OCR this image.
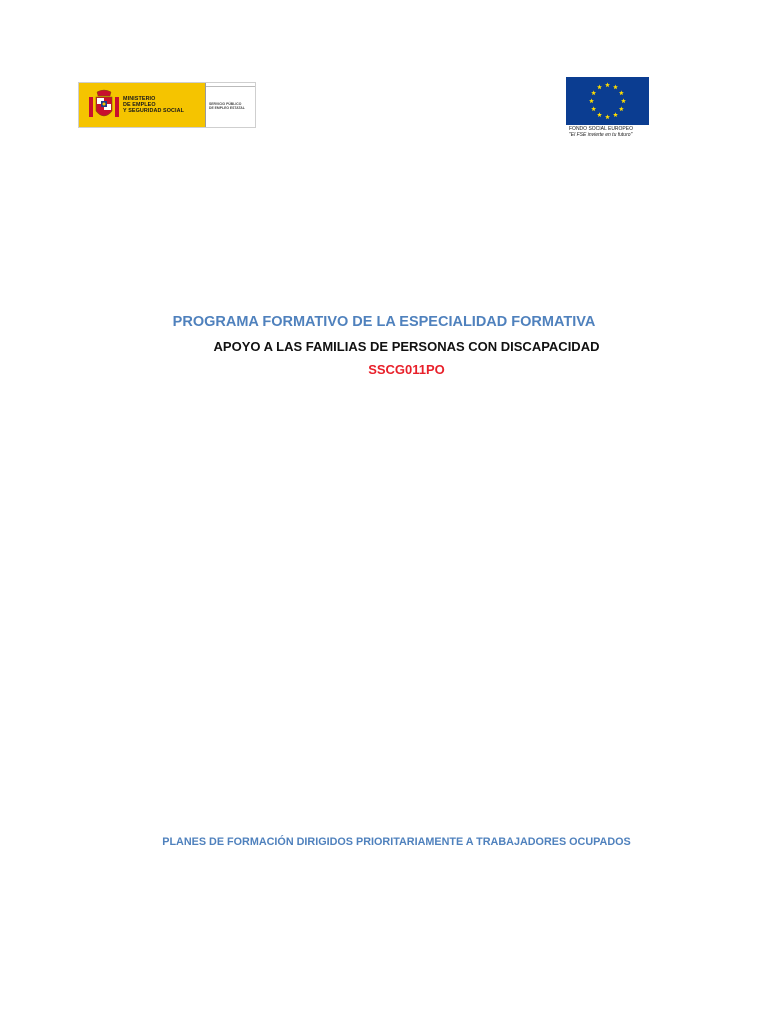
MINISTERIO
DE EMPLEO
Y SEGURIDAD SOCIAL
SERVICIO PÚBLICO
DE EMPLEO ESTATAL
FONDO SOCIAL EUROPEO
"El FSE invierte en tu futuro"
PROGRAMA FORMATIVO DE LA ESPECIALIDAD FORMATIVA
APOYO A LAS FAMILIAS DE PERSONAS CON DISCAPACIDAD
SSCG011PO
PLANES DE FORMACIÓN DIRIGIDOS PRIORITARIAMENTE A TRABAJADORES OCUPADOS
